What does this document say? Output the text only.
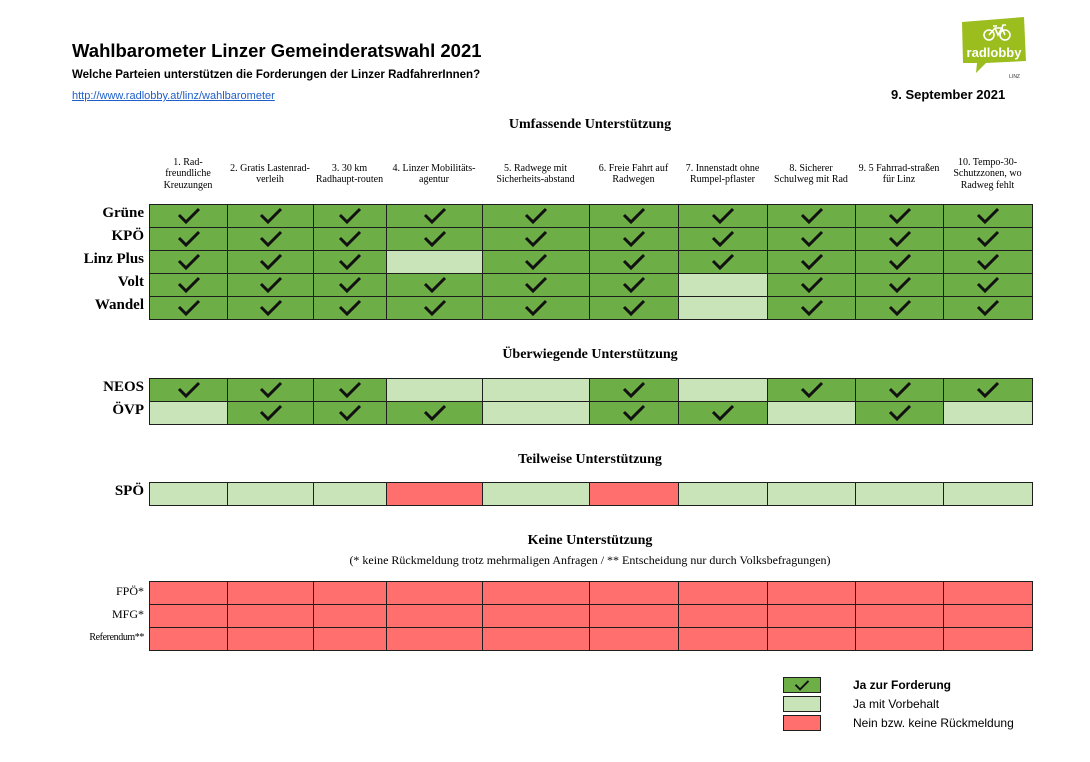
Wahlbarometer Linzer Gemeinderatswahl 2021
Welche Parteien unterstützen die Forderungen der Linzer RadfahrerInnen?
http://www.radlobby.at/linz/wahlbarometer	9. September 2021
radlobby
LINZ
Umfassende Unterstützung
Überwiegende Unterstützung
Teilweise Unterstützung
Keine Unterstützung
(* keine Rückmeldung trotz mehrmaligen Anfragen / ** Entscheidung nur durch Volksbefragungen)
1. Rad-freundliche Kreuzungen
2. Gratis Lastenrad-verleih
3. 30 km Radhaupt-routen
4. Linzer Mobilitäts-agentur
5. Radwege mit Sicherheits-abstand
6. Freie Fahrt auf Radwegen
7. Innenstadt ohne Rumpel-pflaster
8. Sicherer Schulweg mit Rad
9. 5 Fahrrad-straßen für Linz
10. Tempo-30-Schutzzonen, wo Radweg fehlt
Grüne
KPÖ
Linz Plus
Volt
Wandel
NEOS
ÖVP
SPÖ
FPÖ*
MFG*
Referendum**
Ja zur Forderung
Ja mit Vorbehalt
Nein bzw. keine Rückmeldung
